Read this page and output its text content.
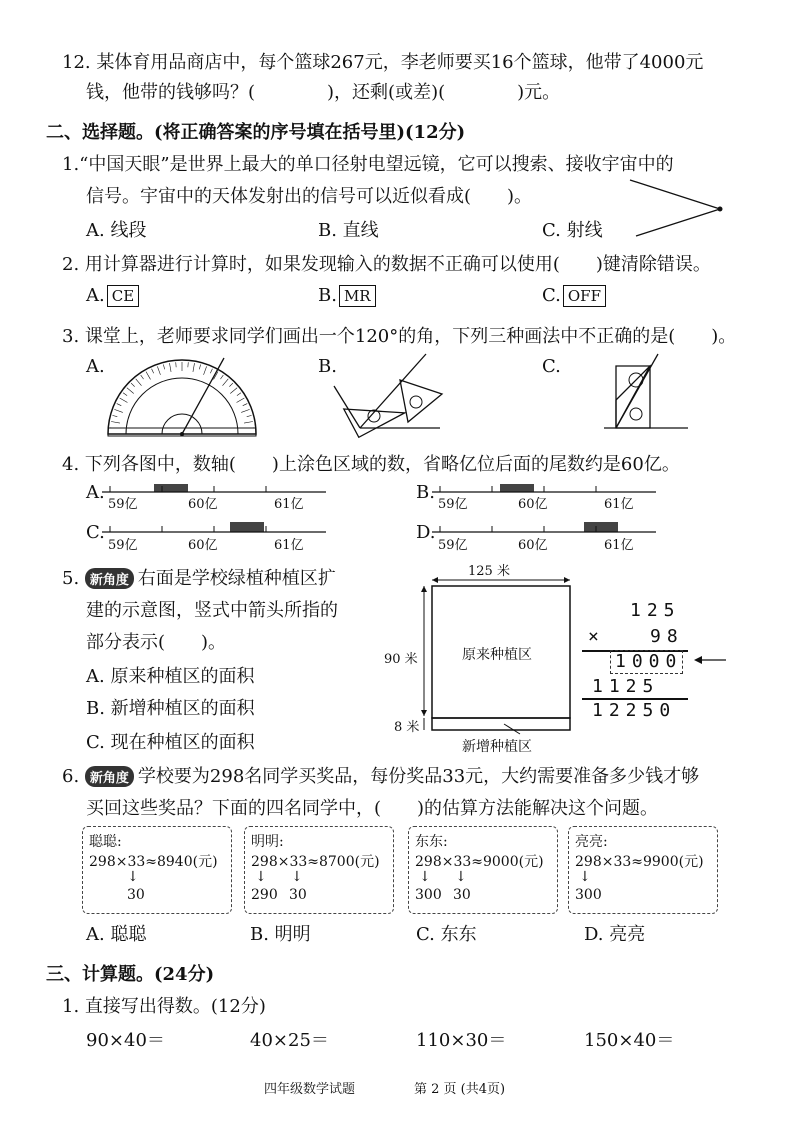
12. 某体育用品商店中，每个篮球267元，李老师要买16个篮球，他带了4000元
钱，他带的钱够吗？(　　　　)，还剩(或差)(　　　　)元。
二、选择题。(将正确答案的序号填在括号里)(12分)
1.“中国天眼”是世界上最大的单口径射电望远镜，它可以搜索、接收宇宙中的
信号。宇宙中的天体发射出的信号可以近似看成(　　)。
A. 线段	B. 直线	C. 射线
2. 用计算器进行计算时，如果发现输入的数据不正确可以使用(　　)键清除错误。
A. CE	B. MR	C. OFF
3. 课堂上，老师要求同学们画出一个120°的角，下列三种画法中不正确的是(　　)。
A.	B.	C.
4. 下列各图中，数轴(　　)上涂色区域的数，省略亿位后面的尾数约是60亿。
A.
59亿	60亿	61亿
B.
59亿	60亿	61亿
C.
59亿	60亿	61亿
D.
59亿	60亿	61亿
5. 新角度 右面是学校绿植种植区扩
建的示意图，竖式中箭头所指的
部分表示(　　)。
A. 原来种植区的面积
B. 新增种植区的面积
C. 现在种植区的面积
125 米
90 米
8 米
原来种植区
新增种植区
125
×	98
1000
1125
12250
6. 新角度 学校要为298名同学买奖品，每份奖品33元，大约需要准备多少钱才够
买回这些奖品？下面的四名同学中，(　　)的估算方法能解决这个问题。
聪聪:
298×33≈8940(元)
↓
30
明明:
298×33≈8700(元)
↓ ↓
290 30
东东:
298×33≈9000(元)
↓ ↓
300 30
亮亮:
298×33≈9900(元)
↓
300
A. 聪聪	B. 明明	C. 东东	D. 亮亮
三、计算题。(24分)
1. 直接写出得数。(12分)
90×40＝	40×25＝	110×30＝	150×40＝
四年级数学试题	第 2 页 (共4页)
